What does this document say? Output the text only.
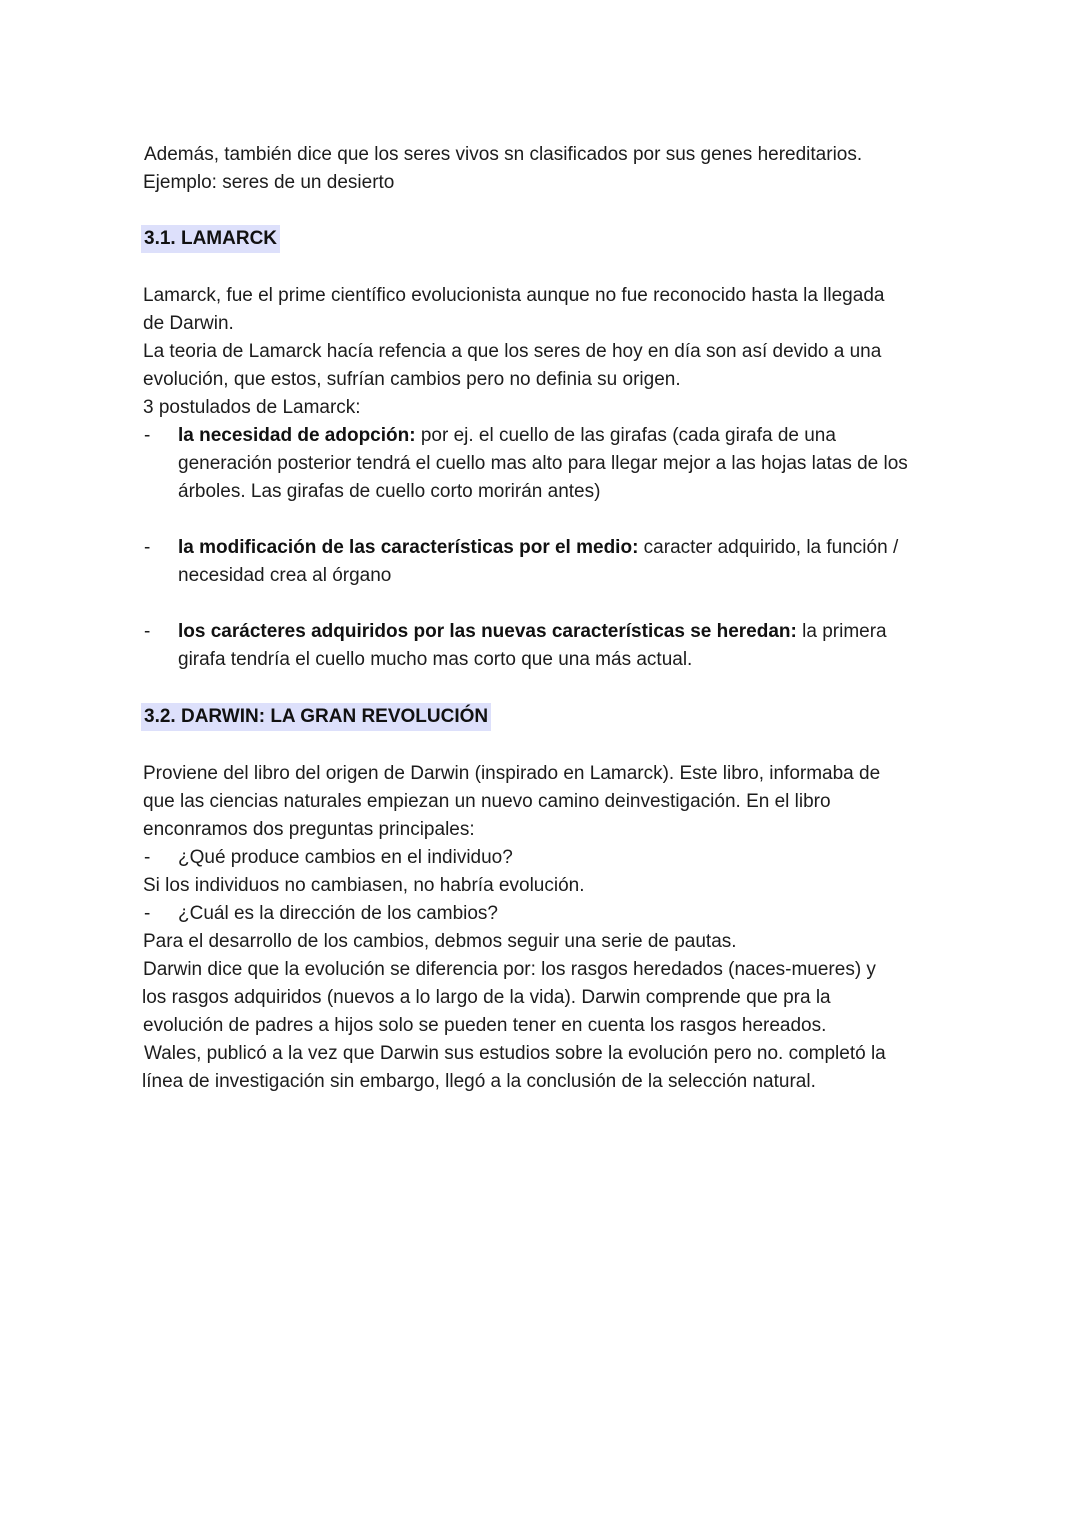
Además, también dice que los seres vivos sn clasificados por sus genes hereditarios.
Ejemplo: seres de un desierto
3.1. LAMARCK
Lamarck, fue el prime científico evolucionista aunque no fue reconocido hasta la llegada
de Darwin.
La teoria de Lamarck hacía refencia a que los seres de hoy en día son así devido a una
evolución, que estos, sufrían cambios pero no definia su origen.
3 postulados de Lamarck:
- la necesidad de adopción: por ej. el cuello de las girafas (cada girafa de una
generación posterior tendrá el cuello mas alto para llegar mejor a las hojas latas de los
árboles. Las girafas de cuello corto morirán antes)
- la modificación de las características por el medio: caracter adquirido, la función /
necesidad crea al órgano
- los carácteres adquiridos por las nuevas características se heredan: la primera
girafa tendría el cuello mucho mas corto que una más actual.
3.2. DARWIN: LA GRAN REVOLUCIÓN
Proviene del libro del origen de Darwin (inspirado en Lamarck). Este libro, informaba de
que las ciencias naturales empiezan un nuevo camino deinvestigación. En el libro
enconramos dos preguntas principales:
- ¿Qué produce cambios en el individuo?
Si los individuos no cambiasen, no habría evolución.
- ¿Cuál es la dirección de los cambios?
Para el desarrollo de los cambios, debmos seguir una serie de pautas.
Darwin dice que la evolución se diferencia por: los rasgos heredados (naces-mueres) y
los rasgos adquiridos (nuevos a lo largo de la vida). Darwin comprende que pra la
evolución de padres a hijos solo se pueden tener en cuenta los rasgos hereados.
Wales, publicó a la vez que Darwin sus estudios sobre la evolución pero no. completó la
línea de investigación sin embargo, llegó a la conclusión de la selección natural.
